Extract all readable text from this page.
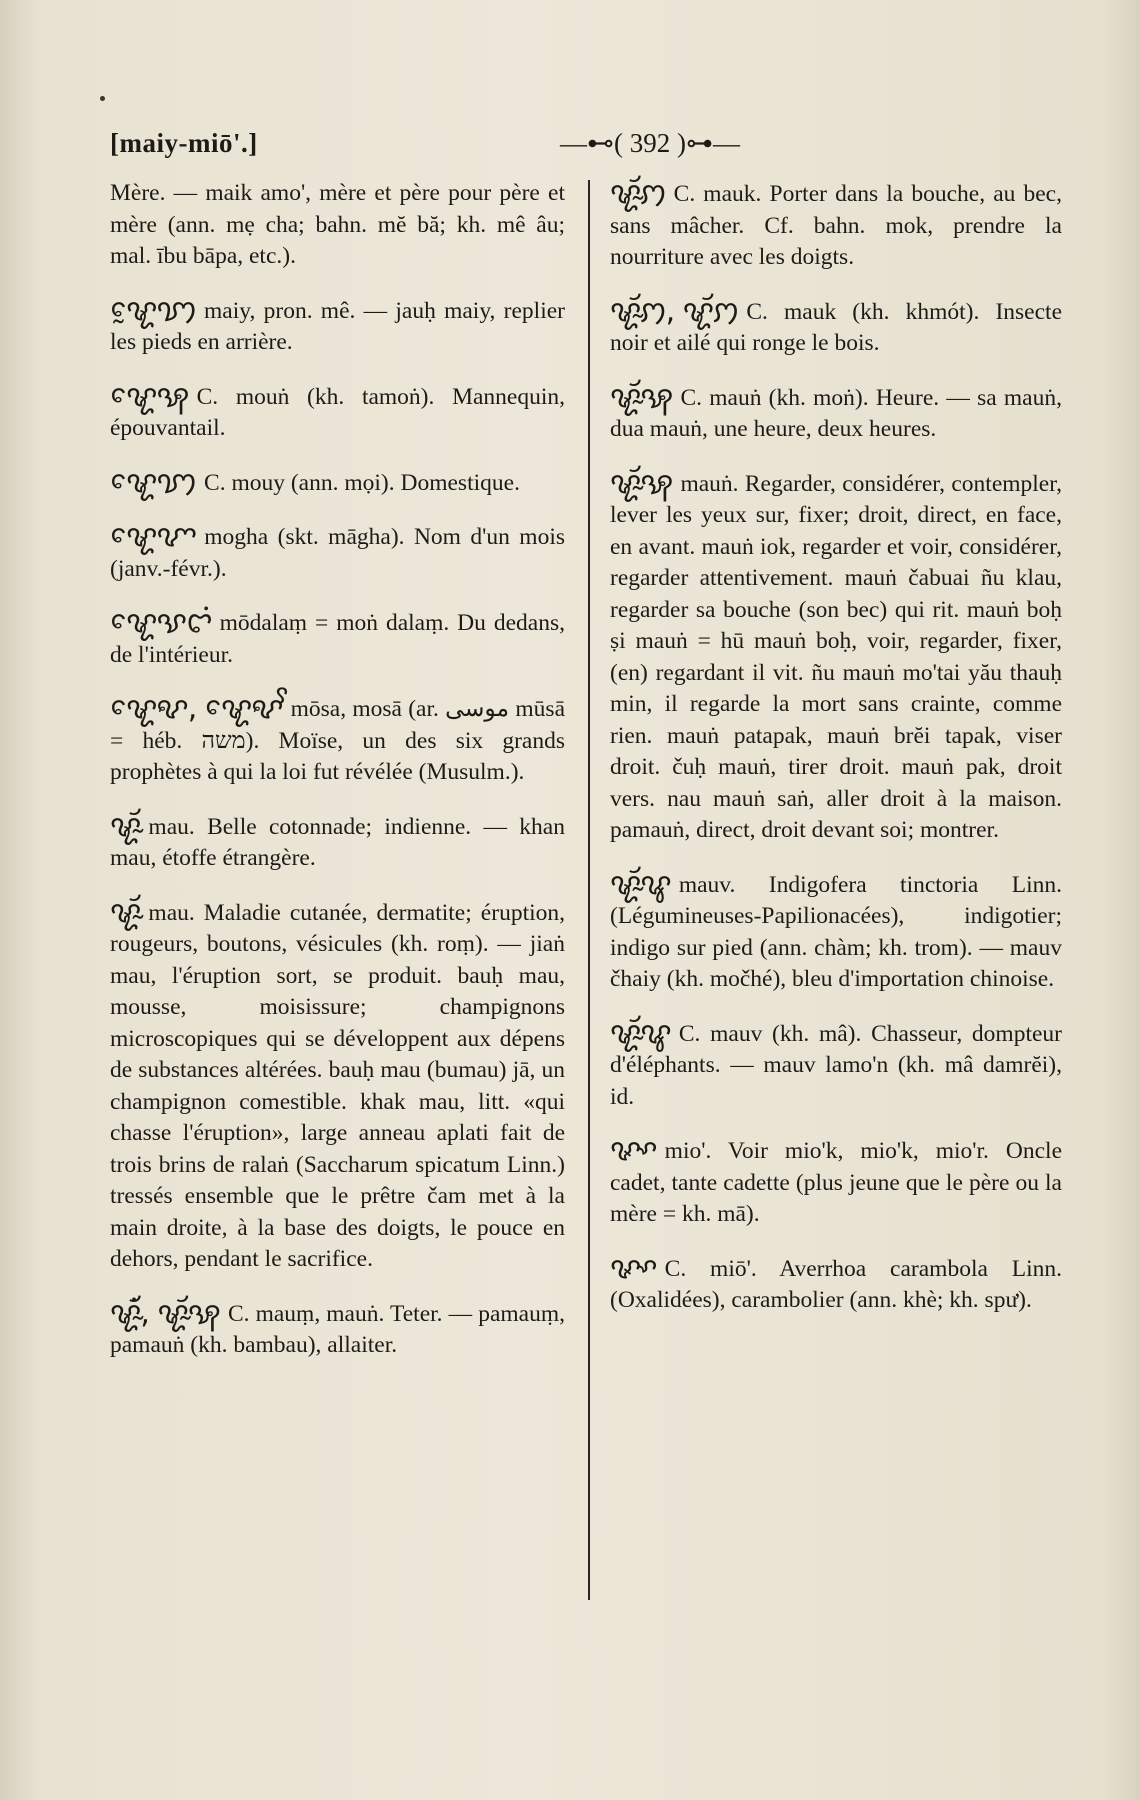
[maiy-miō'.]	—⊷( 392 )⊶—

Mère. — maik amo', mère et père pour père et mère (ann. mẹ cha; bahn. mĕ bă; kh. mê âu; mal. ību bāpa, etc.).

ꨠꨰꩈ maiy, pron. mê. — jauḥ maiy, replier les pieds en arrière.

ꨠꨯꩂ C. mouṅ (kh. tamoṅ). Mannequin, épouvantail.

ꨠꨯꩈ C. mouy (ann. mọi). Domestique.

ꨠꨯꨉ mogha (skt. māgha). Nom d'un mois (janv.-févr.).

ꨠꨯꨕꨤꩌ mōdalaṃ = moṅ dalaṃ. Du dedans, de l'intérieur.

ꨠꨯꨦ, ꨠꨯꨦꨩ mōsa, mosā (ar. موسى mūsā = héb. משה). Moïse, un des six grands prophètes à qui la loi fut révélée (Musulm.).

ꨠꨮꨭ mau. Belle cotonnade; indienne. — khan mau, étoffe étrangère.

ꨠꨮꨭ mau. Maladie cutanée, dermatite; éruption, rougeurs, boutons, vésicules (kh. roṃ). — jiaṅ mau, l'éruption sort, se produit. bauḥ mau, mousse, moisissure; champignons microscopiques qui se développent aux dépens de substances altérées. bauḥ mau (bumau) jā, un champignon comestible. khak mau, litt. «qui chasse l'éruption», large anneau aplati fait de trois brins de ralaṅ (Saccharum spicatum Linn.) tressés ensemble que le prêtre čam met à la main droite, à la base des doigts, le pouce en dehors, pendant le sacrifice.

ꨠꨮꨭꩌ, ꨠꨮꨭꩂ C. mauṃ, mauṅ. Teter. — pamauṃ, pamauṅ (kh. bambau), allaiter.

ꨠꨮꨭꩀ C. mauk. Porter dans la bouche, au bec, sans mâcher. Cf. bahn. mok, prendre la nourriture avec les doigts.

ꨠꨮꨭꩀ, ꨠꨮꩀ C. mauk (kh. khmót). Insecte noir et ailé qui ronge le bois.

ꨠꨮꨭꩂ C. mauṅ (kh. moṅ). Heure. — sa mauṅ, dua mauṅ, une heure, deux heures.

ꨠꨮꨭꩂ mauṅ. Regarder, considérer, contempler, lever les yeux sur, fixer; droit, direct, en face, en avant. mauṅ iok, regarder et voir, considérer, regarder attentivement. mauṅ čabuai ñu klau, regarder sa bouche (son bec) qui rit. mauṅ boḥ ṣi mauṅ = hū mauṅ boḥ, voir, regarder, fixer, (en) regardant il vit. ñu mauṅ mo'tai yău thauḥ min, il regarde la mort sans crainte, comme rien. mauṅ patapak, mauṅ brĕi tapak, viser droit. čuḥ mauṅ, tirer droit. mauṅ pak, droit vers. nau mauṅ saṅ, aller droit à la maison. pamauṅ, direct, droit devant soi; montrer.

ꨠꨮꨭꨥ mauv. Indigofera tinctoria Linn. (Légumineuses-Papilionacées), indigotier; indigo sur pied (ann. chàm; kh. trom). — mauv čhaiy (kh. močhé), bleu d'importation chinoise.

ꨠꨮꨭꨥ C. mauv (kh. mâ). Chasseur, dompteur d'éléphants. — mauv lamo'n (kh. mâ damrĕi), id.

ꨟꨳ mio'. Voir mio'k, mio'k, mio'r. Oncle cadet, tante cadette (plus jeune que le père ou la mère = kh. mā).

ꨟꨳ C. miō'. Averrhoa carambola Linn. (Oxalidées), carambolier (ann. khè; kh. spư).
